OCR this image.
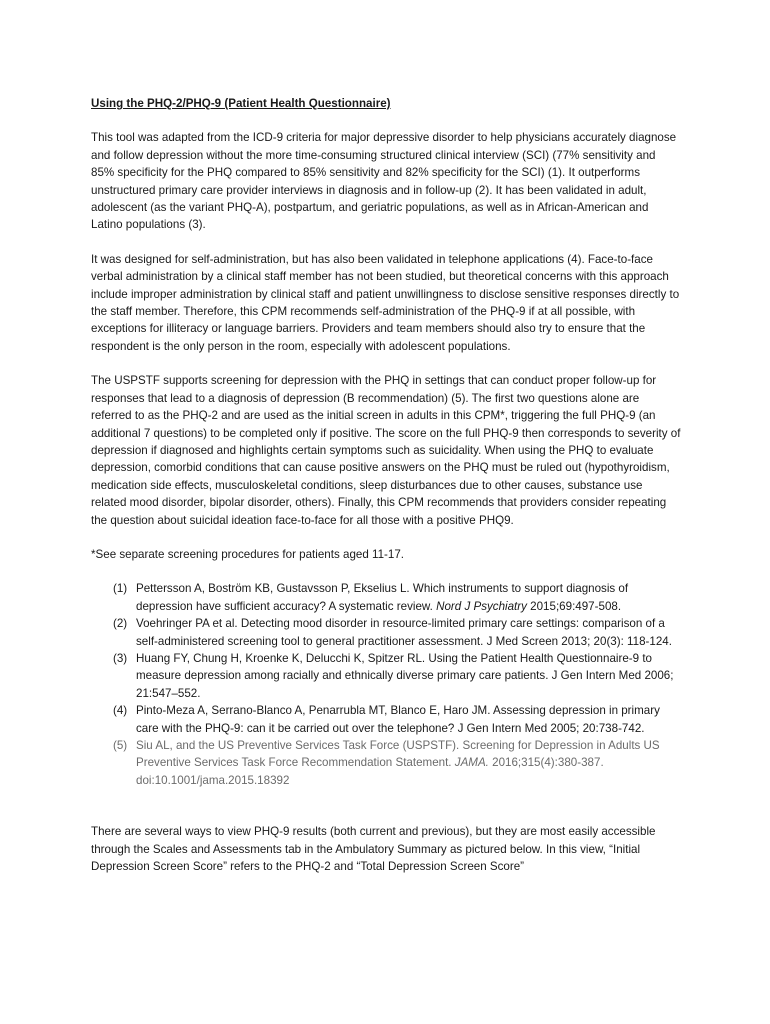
Using the PHQ-2/PHQ-9 (Patient Health Questionnaire)

This tool was adapted from the ICD-9 criteria for major depressive disorder to help physicians accurately diagnose and follow depression without the more time-consuming structured clinical interview (SCI) (77% sensitivity and 85% specificity for the PHQ compared to 85% sensitivity and 82% specificity for the SCI) (1). It outperforms unstructured primary care provider interviews in diagnosis and in follow-up (2). It has been validated in adult, adolescent (as the variant PHQ-A), postpartum, and geriatric populations, as well as in African-American and Latino populations (3).

It was designed for self-administration, but has also been validated in telephone applications (4). Face-to-face verbal administration by a clinical staff member has not been studied, but theoretical concerns with this approach include improper administration by clinical staff and patient unwillingness to disclose sensitive responses directly to the staff member. Therefore, this CPM recommends self-administration of the PHQ-9 if at all possible, with exceptions for illiteracy or language barriers. Providers and team members should also try to ensure that the respondent is the only person in the room, especially with adolescent populations.

The USPSTF supports screening for depression with the PHQ in settings that can conduct proper follow-up for responses that lead to a diagnosis of depression (B recommendation) (5). The first two questions alone are referred to as the PHQ-2 and are used as the initial screen in adults in this CPM*, triggering the full PHQ-9 (an additional 7 questions) to be completed only if positive. The score on the full PHQ-9 then corresponds to severity of depression if diagnosed and highlights certain symptoms such as suicidality. When using the PHQ to evaluate depression, comorbid conditions that can cause positive answers on the PHQ must be ruled out (hypothyroidism, medication side effects, musculoskeletal conditions, sleep disturbances due to other causes, substance use related mood disorder, bipolar disorder, others). Finally, this CPM recommends that providers consider repeating the question about suicidal ideation face-to-face for all those with a positive PHQ9.

*See separate screening procedures for patients aged 11-17.

(1) Pettersson A, Boström KB, Gustavsson P, Ekselius L. Which instruments to support diagnosis of depression have sufficient accuracy? A systematic review. Nord J Psychiatry 2015;69:497-508.
(2) Voehringer PA et al. Detecting mood disorder in resource-limited primary care settings: comparison of a self-administered screening tool to general practitioner assessment. J Med Screen 2013; 20(3): 118-124.
(3) Huang FY, Chung H, Kroenke K, Delucchi K, Spitzer RL. Using the Patient Health Questionnaire-9 to measure depression among racially and ethnically diverse primary care patients. J Gen Intern Med 2006; 21:547–552.
(4) Pinto-Meza A, Serrano-Blanco A, Penarrubla MT, Blanco E, Haro JM. Assessing depression in primary care with the PHQ-9: can it be carried out over the telephone? J Gen Intern Med 2005; 20:738-742.
(5) Siu AL, and the US Preventive Services Task Force (USPSTF). Screening for Depression in Adults US Preventive Services Task Force Recommendation Statement. JAMA. 2016;315(4):380-387. doi:10.1001/jama.2015.18392

There are several ways to view PHQ-9 results (both current and previous), but they are most easily accessible through the Scales and Assessments tab in the Ambulatory Summary as pictured below. In this view, “Initial Depression Screen Score” refers to the PHQ-2 and “Total Depression Screen Score”
